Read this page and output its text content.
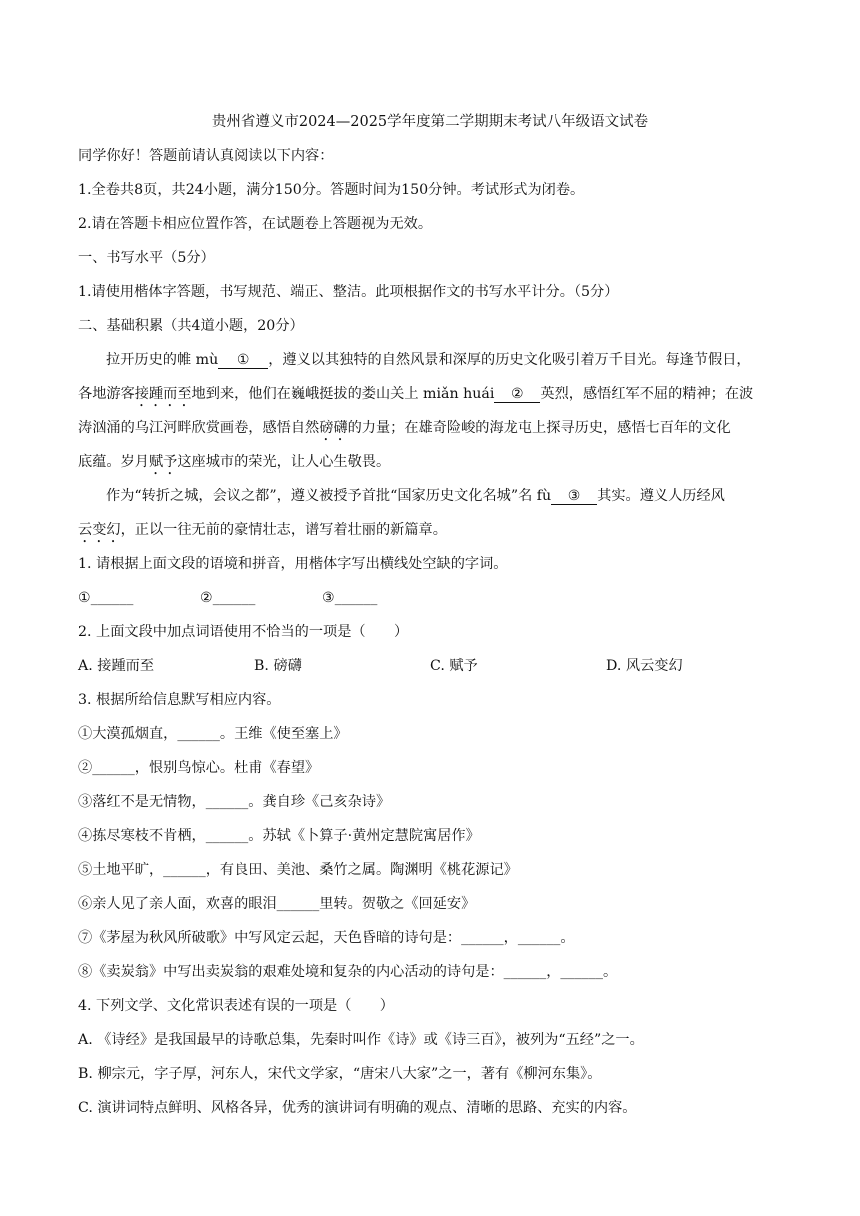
贵州省遵义市2024—2025学年度第二学期期末考试八年级语文试卷
同学你好！答题前请认真阅读以下内容：
1.全卷共8页，共24小题，满分150分。答题时间为150分钟。考试形式为闭卷。
2.请在答题卡相应位置作答，在试题卷上答题视为无效。
一、书写水平（5分）
1.请使用楷体字答题，书写规范、端正、整洁。此项根据作文的书写水平计分。（5分）
二、基础积累（共4道小题，20分）
拉开历史的帷 mù ① ，遵义以其独特的自然风景和深厚的历史文化吸引着万千目光。每逢节假日，
各地游客接踵而至地到来，他们在巍峨挺拔的娄山关上 miǎn huái ② 英烈，感悟红军不屈的精神；在波
涛汹涌的乌江河畔欣赏画卷，感悟自然磅礴的力量；在雄奇险峻的海龙屯上探寻历史，感悟七百年的文化
底蕴。岁月赋予这座城市的荣光，让人心生敬畏。
作为“转折之城，会议之都”，遵义被授予首批“国家历史文化名城”名 fù ③ 其实。遵义人历经风
云变幻，正以一往无前的豪情壮志，谱写着壮丽的新篇章。
1. 请根据上面文段的语境和拼音，用楷体字写出横线处空缺的字词。
①______	②______	③______
2. 上面文段中加点词语使用不恰当的一项是（　　）
A. 接踵而至	B. 磅礴	C. 赋予	D. 风云变幻
3. 根据所给信息默写相应内容。
①大漠孤烟直，______。王维《使至塞上》
②______，恨别鸟惊心。杜甫《春望》
③落红不是无情物，______。龚自珍《己亥杂诗》
④拣尽寒枝不肯栖，______。苏轼《卜算子·黄州定慧院寓居作》
⑤土地平旷，______，有良田、美池、桑竹之属。陶渊明《桃花源记》
⑥亲人见了亲人面，欢喜的眼泪______里转。贺敬之《回延安》
⑦《茅屋为秋风所破歌》中写风定云起，天色昏暗的诗句是：______，______。
⑧《卖炭翁》中写出卖炭翁的艰难处境和复杂的内心活动的诗句是：______，______。
4. 下列文学、文化常识表述有误的一项是（　　）
A. 《诗经》是我国最早的诗歌总集，先秦时叫作《诗》或《诗三百》，被列为“五经”之一。
B. 柳宗元，字子厚，河东人，宋代文学家，“唐宋八大家”之一，著有《柳河东集》。
C. 演讲词特点鲜明、风格各异，优秀的演讲词有明确的观点、清晰的思路、充实的内容。
